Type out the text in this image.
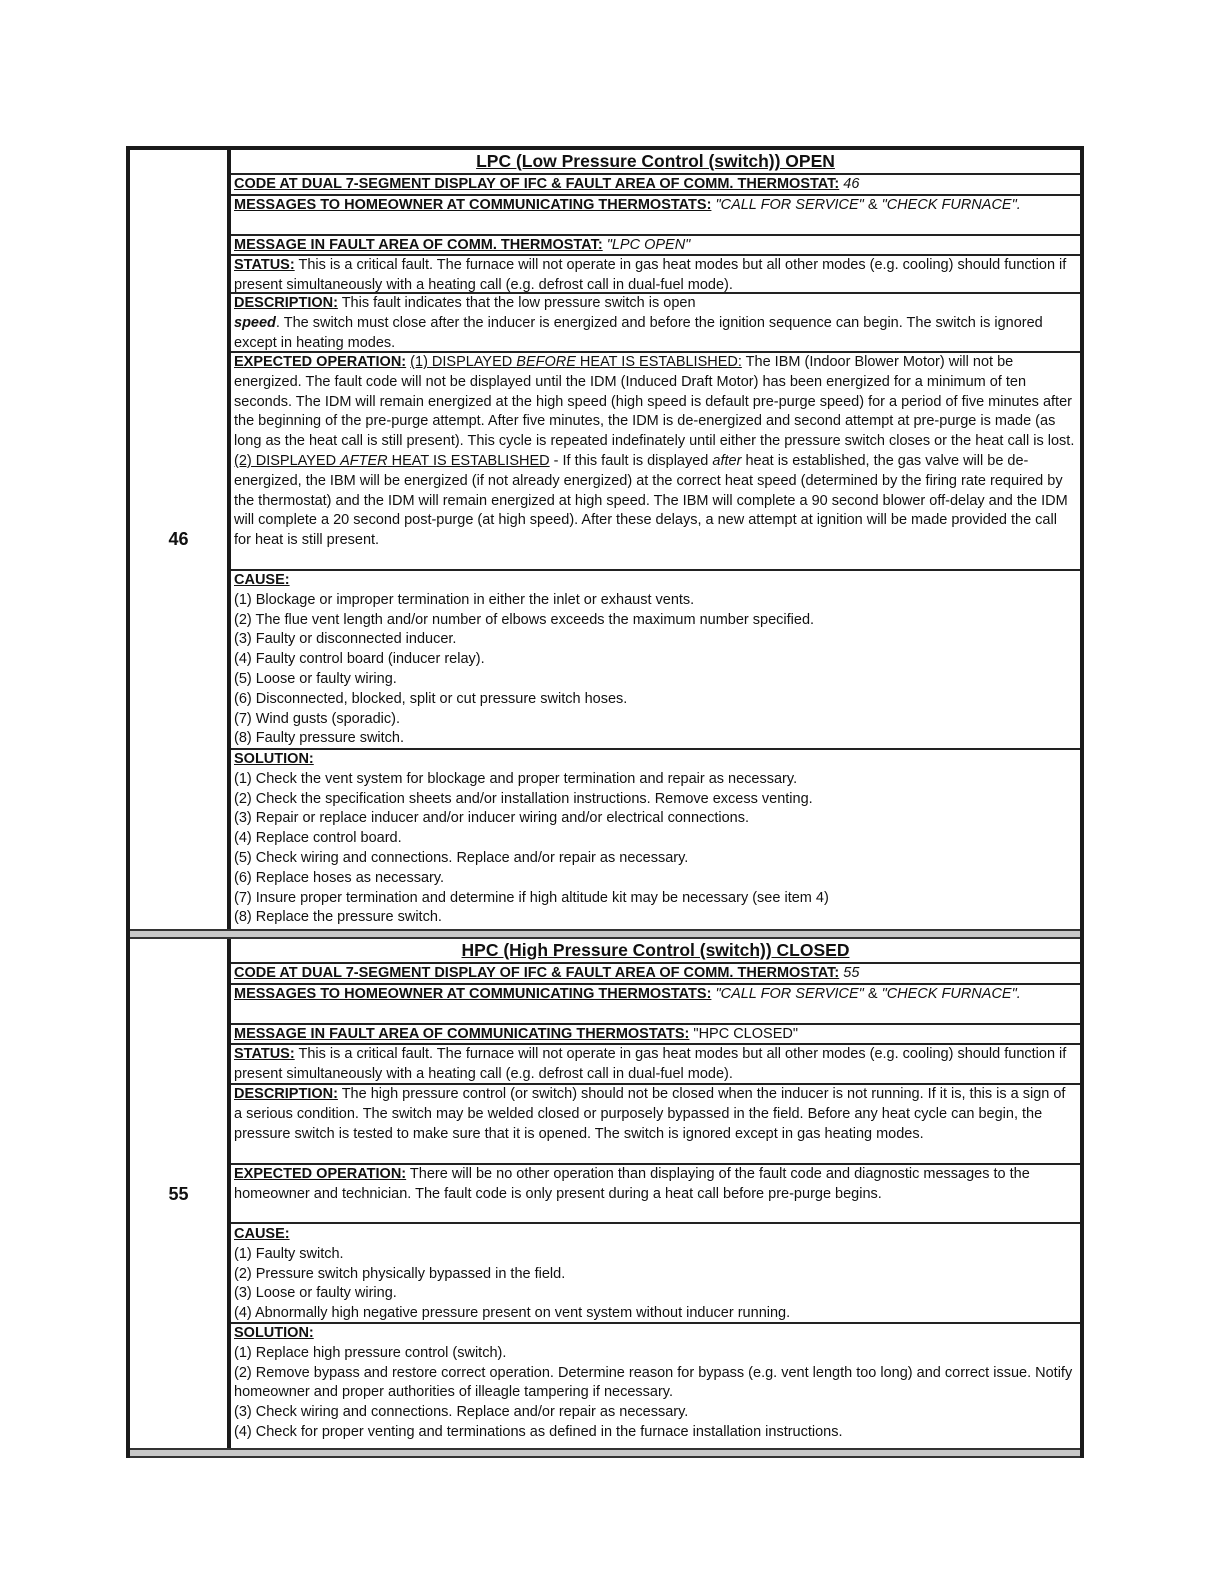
46
LPC (Low Pressure Control (switch)) OPEN
CODE AT DUAL 7-SEGMENT DISPLAY OF IFC & FAULT AREA OF COMM. THERMOSTAT: 46
MESSAGES TO HOMEOWNER AT COMMUNICATING THERMOSTATS: "CALL FOR SERVICE" & "CHECK FURNACE".
MESSAGE IN FAULT AREA OF COMM. THERMOSTAT: "LPC OPEN"
STATUS: This is a critical fault. The furnace will not operate in gas heat modes but all other modes (e.g. cooling) should function if present simultaneously with a heating call (e.g. defrost call in dual-fuel mode).
DESCRIPTION: This fault indicates that the low pressure switch is open
speed. The switch must close after the inducer is energized and before the ignition sequence can begin. The switch is ignored except in heating modes.
EXPECTED OPERATION: (1) DISPLAYED BEFORE HEAT IS ESTABLISHED: The IBM (Indoor Blower Motor) will not be energized. The fault code will not be displayed until the IDM (Induced Draft Motor) has been energized for a minimum of ten seconds. The IDM will remain energized at the high speed (high speed is default pre-purge speed) for a period of five minutes after the beginning of the pre-purge attempt. After five minutes, the IDM is de-energized and second attempt at pre-purge is made (as long as the heat call is still present). This cycle is repeated indefinately until either the pressure switch closes or the heat call is lost. (2) DISPLAYED AFTER HEAT IS ESTABLISHED - If this fault is displayed after heat is established, the gas valve will be de-energized, the IBM will be energized (if not already energized) at the correct heat speed (determined by the firing rate required by the thermostat) and the IDM will remain energized at high speed. The IBM will complete a 90 second blower off-delay and the IDM will complete a 20 second post-purge (at high speed). After these delays, a new attempt at ignition will be made provided the call for heat is still present.
CAUSE:
(1) Blockage or improper termination in either the inlet or exhaust vents.
(2) The flue vent length and/or number of elbows exceeds the maximum number specified.
(3) Faulty or disconnected inducer.
(4) Faulty control board (inducer relay).
(5) Loose or faulty wiring.
(6) Disconnected, blocked, split or cut pressure switch hoses.
(7) Wind gusts (sporadic).
(8) Faulty pressure switch.
SOLUTION:
(1) Check the vent system for blockage and proper termination and repair as necessary.
(2) Check the specification sheets and/or installation instructions. Remove excess venting.
(3) Repair or replace inducer and/or inducer wiring and/or electrical connections.
(4) Replace control board.
(5) Check wiring and connections. Replace and/or repair as necessary.
(6) Replace hoses as necessary.
(7) Insure proper termination and determine if high altitude kit may be necessary (see item 4)
(8) Replace the pressure switch.
55
HPC (High Pressure Control (switch)) CLOSED
CODE AT DUAL 7-SEGMENT DISPLAY OF IFC & FAULT AREA OF COMM. THERMOSTAT: 55
MESSAGES TO HOMEOWNER AT COMMUNICATING THERMOSTATS: "CALL FOR SERVICE" & "CHECK FURNACE".
MESSAGE IN FAULT AREA OF COMMUNICATING THERMOSTATS: "HPC CLOSED"
STATUS: This is a critical fault. The furnace will not operate in gas heat modes but all other modes (e.g. cooling) should function if present simultaneously with a heating call (e.g. defrost call in dual-fuel mode).
DESCRIPTION: The high pressure control (or switch) should not be closed when the inducer is not running. If it is, this is a sign of a serious condition. The switch may be welded closed or purposely bypassed in the field. Before any heat cycle can begin, the pressure switch is tested to make sure that it is opened. The switch is ignored except in gas heating modes.
EXPECTED OPERATION: There will be no other operation than displaying of the fault code and diagnostic messages to the homeowner and technician. The fault code is only present during a heat call before pre-purge begins.
CAUSE:
(1) Faulty switch.
(2) Pressure switch physically bypassed in the field.
(3) Loose or faulty wiring.
(4) Abnormally high negative pressure present on vent system without inducer running.
SOLUTION:
(1) Replace high pressure control (switch).
(2) Remove bypass and restore correct operation. Determine reason for bypass (e.g. vent length too long) and correct issue. Notify homeowner and proper authorities of illeagle tampering if necessary.
(3) Check wiring and connections. Replace and/or repair as necessary.
(4) Check for proper venting and terminations as defined in the furnace installation instructions.
